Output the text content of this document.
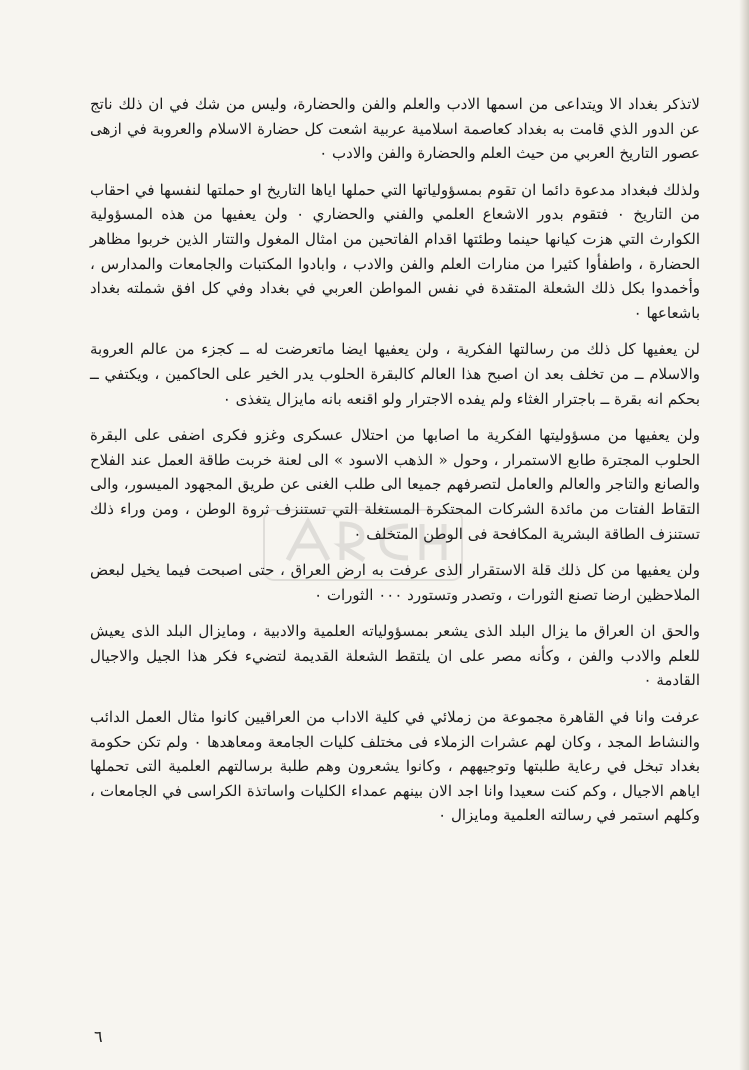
لاتذكر بغداد الا ويتداعى من اسمها الادب والعلم والفن والحضارة، وليس من شك في ان ذلك ناتج عن الدور الذي قامت به بغداد كعاصمة اسلامية عربية اشعت كل حضارة الاسلام والعروبة في ازهى عصور التاريخ العربي من حيث العلم والحضارة والفن والادب ٠

ولذلك فبغداد مدعوة دائما ان تقوم بمسؤولياتها التي حملها اياها التاريخ او حملتها لنفسها في احقاب من التاريخ ٠ فتقوم بدور الاشعاع العلمي والفني والحضاري ٠ ولن يعفيها من هذه المسؤولية الكوارث التي هزت كيانها حينما وطئتها اقدام الفاتحين من امثال المغول والتتار الذين خربوا مظاهر الحضارة ، واطفأوا كثيرا من منارات العلم والفن والادب ، وابادوا المكتبات والجامعات والمدارس ، وأخمدوا بكل ذلك الشعلة المتقدة في نفس المواطن العربي في بغداد وفي كل افق شملته بغداد باشعاعها ٠

لن يعفيها كل ذلك من رسالتها الفكرية ، ولن يعفيها ايضا ماتعرضت له ــ كجزء من عالم العروبة والاسلام ــ من تخلف بعد ان اصبح هذا العالم كالبقرة الحلوب يدر الخير على الحاكمين ، ويكتفي ــ بحكم انه بقرة ــ باجترار الغثاء ولم يفده الاجترار ولو اقنعه بانه مايزال يتغذى ٠

ولن يعفيها من مسؤوليتها الفكرية ما اصابها من احتلال عسكرى وغزو فكرى اضفى على البقرة الحلوب المجترة طابع الاستمرار ، وحول « الذهب الاسود » الى لعنة خربت طاقة العمل عند الفلاح والصانع والتاجر والعالم والعامل لتصرفهم جميعا الى طلب الغنى عن طريق المجهود الميسور، والى التقاط الفتات من مائدة الشركات المحتكرة المستغلة التي تستنزف ثروة الوطن ، ومن وراء ذلك تستنزف الطاقة البشرية المكافحة فى الوطن المتخلف ٠

ولن يعفيها من كل ذلك قلة الاستقرار الذى عرفت به ارض العراق ، حتى اصبحت فيما يخيل لبعض الملاحظين ارضا تصنع الثورات ، وتصدر وتستورد ٠٠٠ الثورات ٠

والحق ان العراق ما يزال البلد الذى يشعر بمسؤولياته العلمية والادبية ، ومايزال البلد الذى يعيش للعلم والادب والفن ، وكأنه مصر على ان يلتقط الشعلة القديمة لتضيء فكر هذا الجيل والاجيال القادمة ٠

عرفت وانا في القاهرة مجموعة من زملائي في كلية الاداب من العراقيين كانوا مثال العمل الدائب والنشاط المجد ، وكان لهم عشرات الزملاء فى مختلف كليات الجامعة ومعاهدها ٠ ولم تكن حكومة بغداد تبخل في رعاية طلبتها وتوجيههم ، وكانوا يشعرون وهم طلبة برسالتهم العلمية التى تحملها اياهم الاجيال ، وكم كنت سعيدا وانا اجد الان بينهم عمداء الكليات واساتذة الكراسى في الجامعات ، وكلهم استمر في رسالته العلمية ومايزال ٠

٦
